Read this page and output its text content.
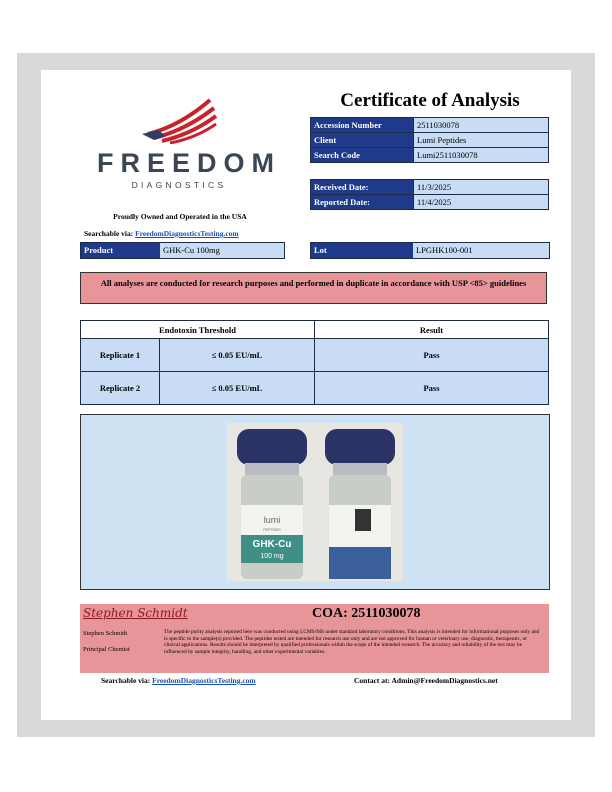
FREEDOM
DIAGNOSTICS
Proudly Owned and Operated in the USA
Searchable via: FreedomDiagnosticsTesting.com
Certificate of Analysis
Accession Number	2511030078
Client	Lumi Peptides
Search Code	Lumi2511030078
Received Date:	11/3/2025
Reported Date:	11/4/2025
Product	GHK-Cu 100mg	Lot	LPGHK100-001
All analyses are conducted for research purposes and performed in duplicate in accordance with USP <85> guidelines
Endotoxin Threshold		Result
Replicate 1	≤ 0.05 EU/mL	Pass
Replicate 2	≤ 0.05 EU/mL	Pass
lumi
PEPTIDES
GHK-Cu
100 mg
Stephen Schmidt	COA: 2511030078
Stephen Schmidt
Principal Chemist
The peptide purity analysis reported here was conducted using LCMS/MS under standard laboratory conditions. This analysis is intended for informational purposes only and is specific to the sample(s) provided. The peptides tested are intended for research use only and are not approved for human or veterinary use, diagnostic, therapeutic, or clinical applications. Results should be interpreted by qualified professionals within the scope of the intended research. The accuracy and reliability of the test may be influenced by sample integrity, handling, and other experimental variables.
Searchable via: FreedomDiagnosticsTesting.com	Contact at: Admin@FreedomDiagnostics.net
